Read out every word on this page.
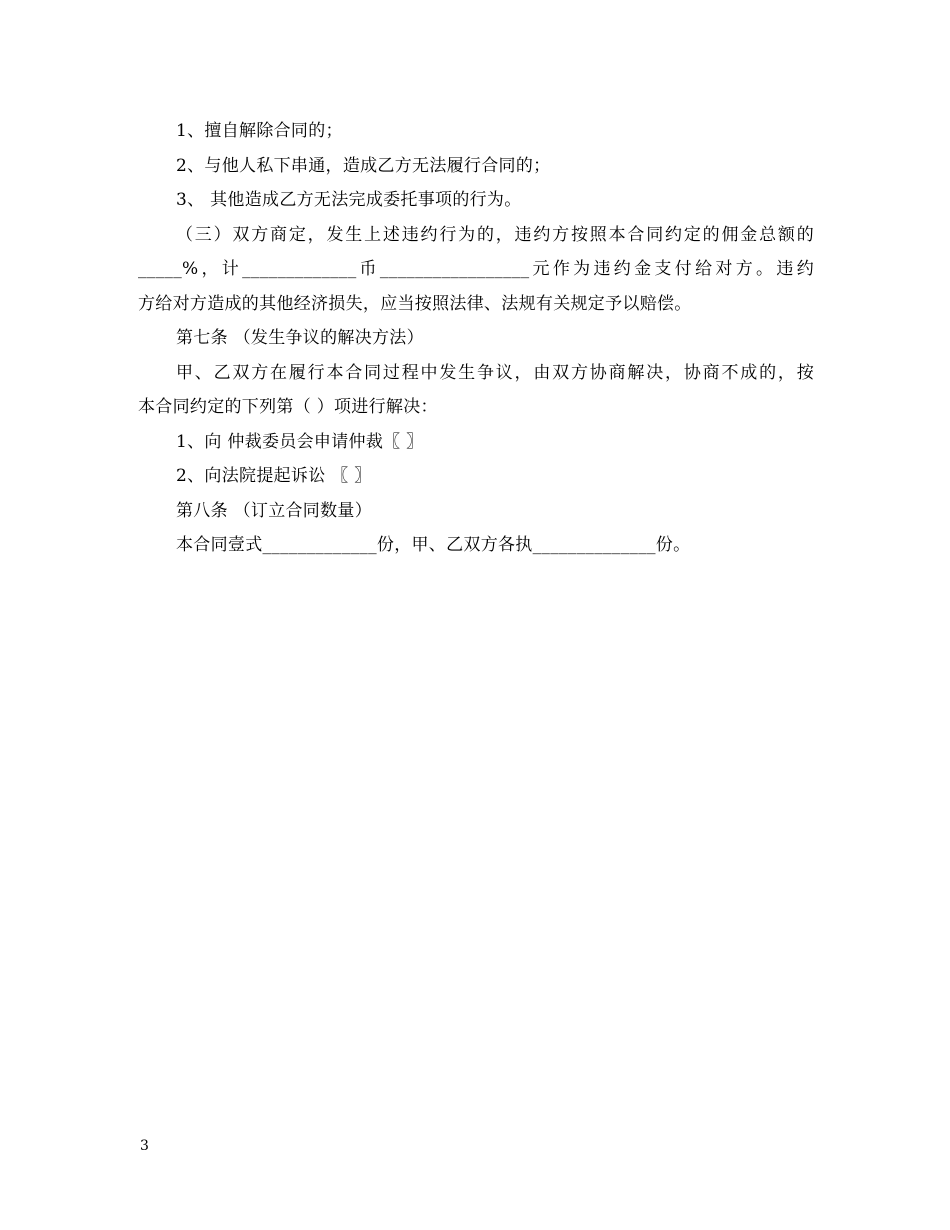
1、擅自解除合同的；
2、与他人私下串通，造成乙方无法履行合同的；
3、 其他造成乙方无法完成委托事项的行为。
（三）双方商定，发生上述违约行为的，违约方按照本合同约定的佣金总额的
_____%，计_____________币_________________元作为违约金支付给对方。违约
方给对方造成的其他经济损失，应当按照法律、法规有关规定予以赔偿。
第七条 （发生争议的解决方法）
甲、乙双方在履行本合同过程中发生争议，由双方协商解决，协商不成的，按
本合同约定的下列第（ ）项进行解决：
1、向 仲裁委员会申请仲裁〖 〗
2、向法院提起诉讼 〖 〗
第八条 （订立合同数量）
本合同壹式_____________份，甲、乙双方各执______________份。
3
